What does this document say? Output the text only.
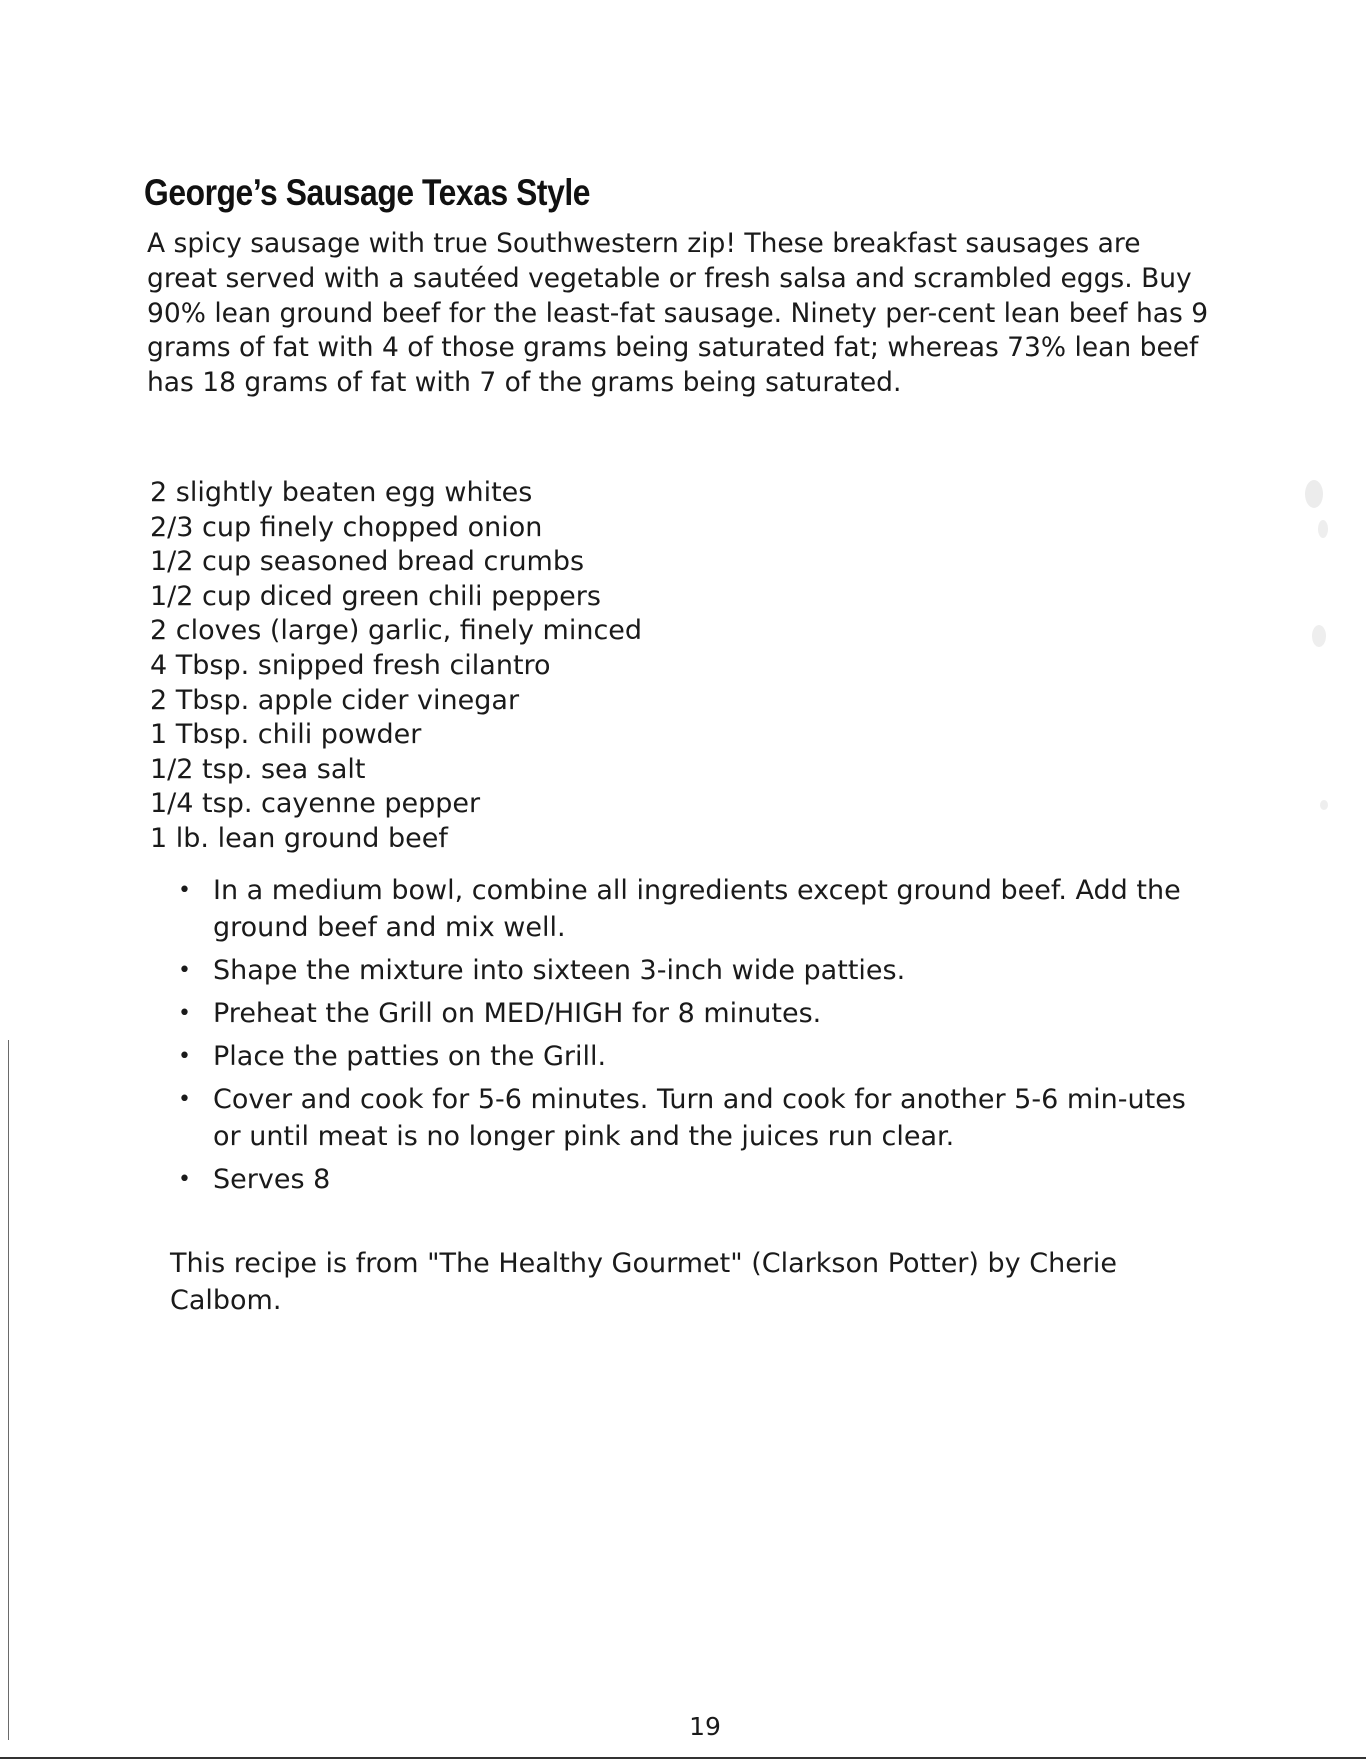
George’s Sausage Texas Style

A spicy sausage with true Southwestern zip! These breakfast sausages are great served with a sautéed vegetable or fresh salsa and scrambled eggs. Buy 90% lean ground beef for the least-fat sausage. Ninety per-cent lean beef has 9 grams of fat with 4 of those grams being saturated fat; whereas 73% lean beef has 18 grams of fat with 7 of the grams being saturated.

2 slightly beaten egg whites
2/3 cup finely chopped onion
1/2 cup seasoned bread crumbs
1/2 cup diced green chili peppers
2 cloves (large) garlic, finely minced
4 Tbsp. snipped fresh cilantro
2 Tbsp. apple cider vinegar
1 Tbsp. chili powder
1/2 tsp. sea salt
1/4 tsp. cayenne pepper
1 lb. lean ground beef
• In a medium bowl, combine all ingredients except ground beef. Add the ground beef and mix well.
• Shape the mixture into sixteen 3-inch wide patties.
• Preheat the Grill on MED/HIGH for 8 minutes.
• Place the patties on the Grill.
• Cover and cook for 5-6 minutes. Turn and cook for another 5-6 min-utes or until meat is no longer pink and the juices run clear.
• Serves 8

This recipe is from "The Healthy Gourmet" (Clarkson Potter) by Cherie Calbom.

19
